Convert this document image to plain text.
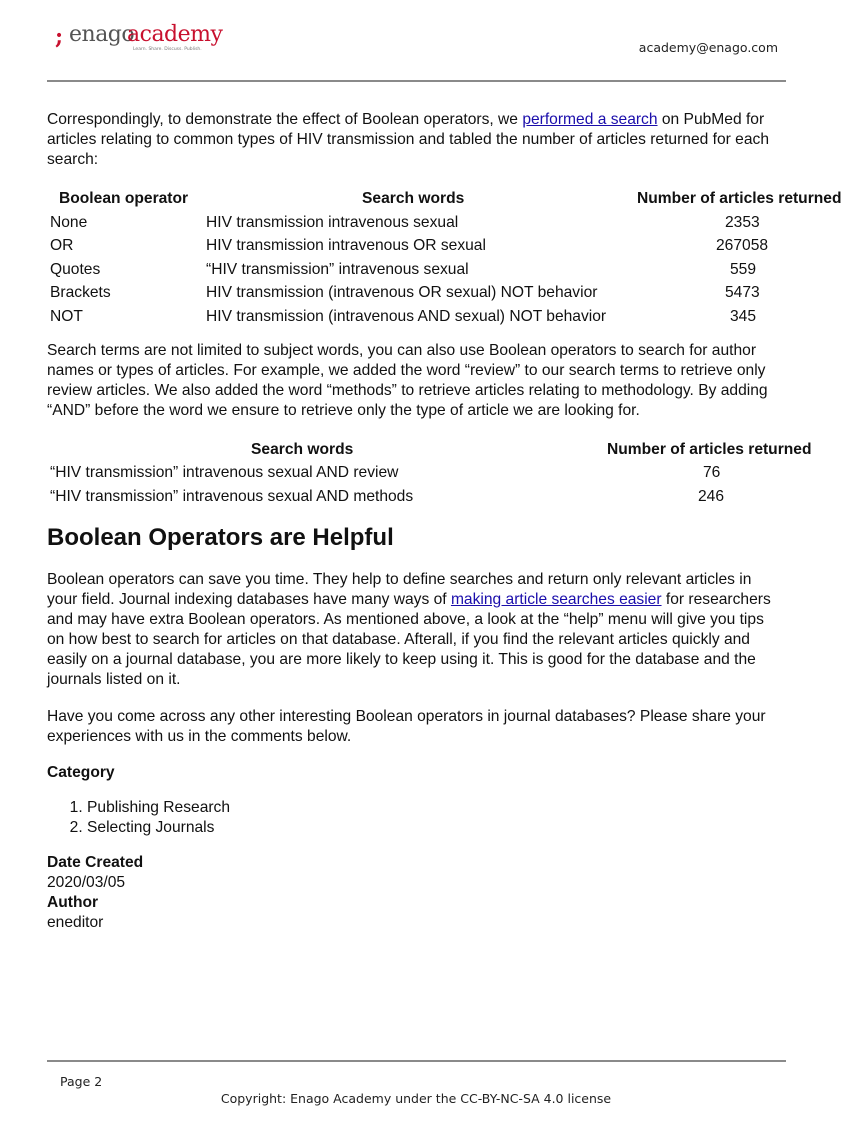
; enago
academy
Learn. Share. Discuss. Publish.	academy@enago.com

Correspondingly, to demonstrate the effect of Boolean operators, we performed a search on PubMed for articles relating to common types of HIV transmission and tabled the number of articles returned for each search:

Boolean operator	Search words	Number of articles returned
None	HIV transmission intravenous sexual	2353
OR	HIV transmission intravenous OR sexual	267058
Quotes	“HIV transmission” intravenous sexual	559
Brackets	HIV transmission (intravenous OR sexual) NOT behavior	5473
NOT	HIV transmission (intravenous AND sexual) NOT behavior	345

Search terms are not limited to subject words, you can also use Boolean operators to search for author names or types of articles. For example, we added the word “review” to our search terms to retrieve only review articles. We also added the word “methods” to retrieve articles relating to methodology. By adding “AND” before the word we ensure to retrieve only the type of article we are looking for.

Search words	Number of articles returned
“HIV transmission” intravenous sexual AND review	76
“HIV transmission” intravenous sexual AND methods	246
Boolean Operators are Helpful

Boolean operators can save you time. They help to define searches and return only relevant articles in your field. Journal indexing databases have many ways of making article searches easier for researchers and may have extra Boolean operators. As mentioned above, a look at the “help” menu will give you tips on how best to search for articles on that database. Afterall, if you find the relevant articles quickly and easily on a journal database, you are more likely to keep using it. This is good for the database and the journals listed on it.

Have you come across any other interesting Boolean operators in journal databases? Please share your experiences with us in the comments below.

Category

1. Publishing Research
2. Selecting Journals

Date Created

2020/03/05

Author

eneditor

Page 2
Copyright: Enago Academy under the CC-BY-NC-SA 4.0 license
